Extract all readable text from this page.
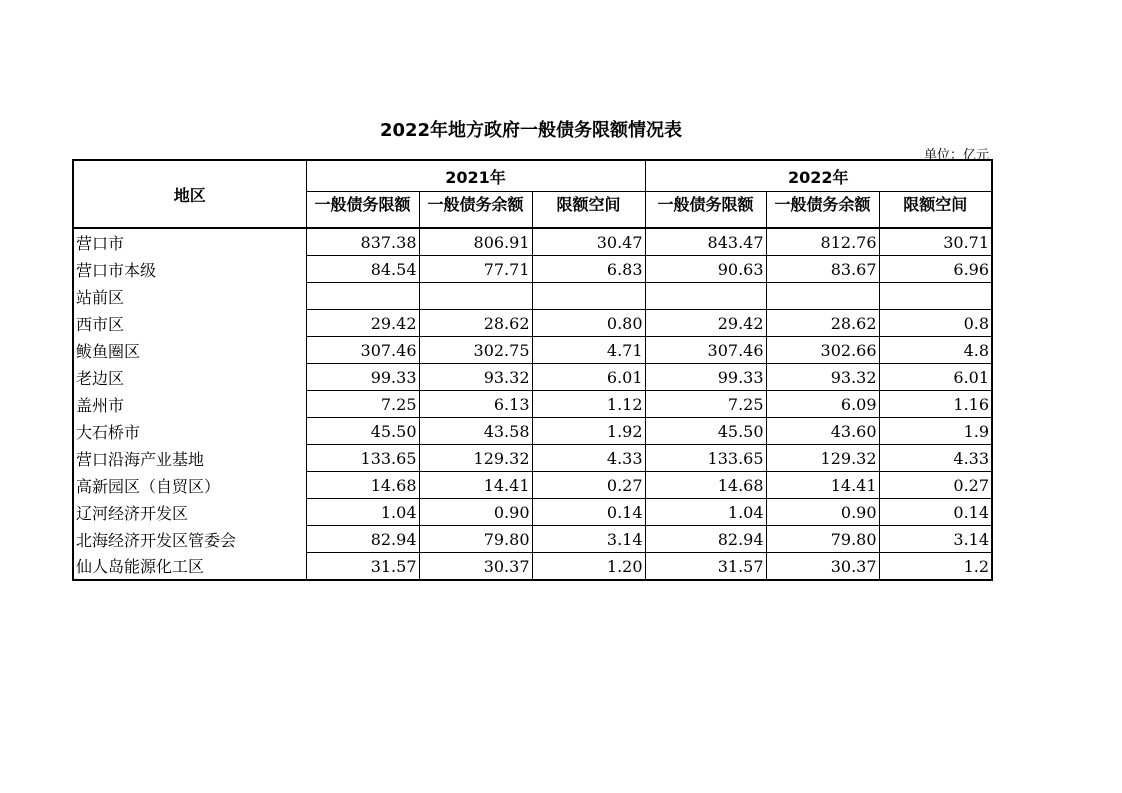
2022年地方政府一般债务限额情况表
单位：亿元
地区	2021年			2022年		
	一般债务限额	一般债务余额	限额空间	一般债务限额	一般债务余额	限额空间
营口市	837.38	806.91	30.47	843.47	812.76	30.71
营口市本级	84.54	77.71	6.83	90.63	83.67	6.96
站前区						
西市区	29.42	28.62	0.80	29.42	28.62	0.8
鲅鱼圈区	307.46	302.75	4.71	307.46	302.66	4.8
老边区	99.33	93.32	6.01	99.33	93.32	6.01
盖州市	7.25	6.13	1.12	7.25	6.09	1.16
大石桥市	45.50	43.58	1.92	45.50	43.60	1.9
营口沿海产业基地	133.65	129.32	4.33	133.65	129.32	4.33
高新园区（自贸区）	14.68	14.41	0.27	14.68	14.41	0.27
辽河经济开发区	1.04	0.90	0.14	1.04	0.90	0.14
北海经济开发区管委会	82.94	79.80	3.14	82.94	79.80	3.14
仙人岛能源化工区	31.57	30.37	1.20	31.57	30.37	1.2
